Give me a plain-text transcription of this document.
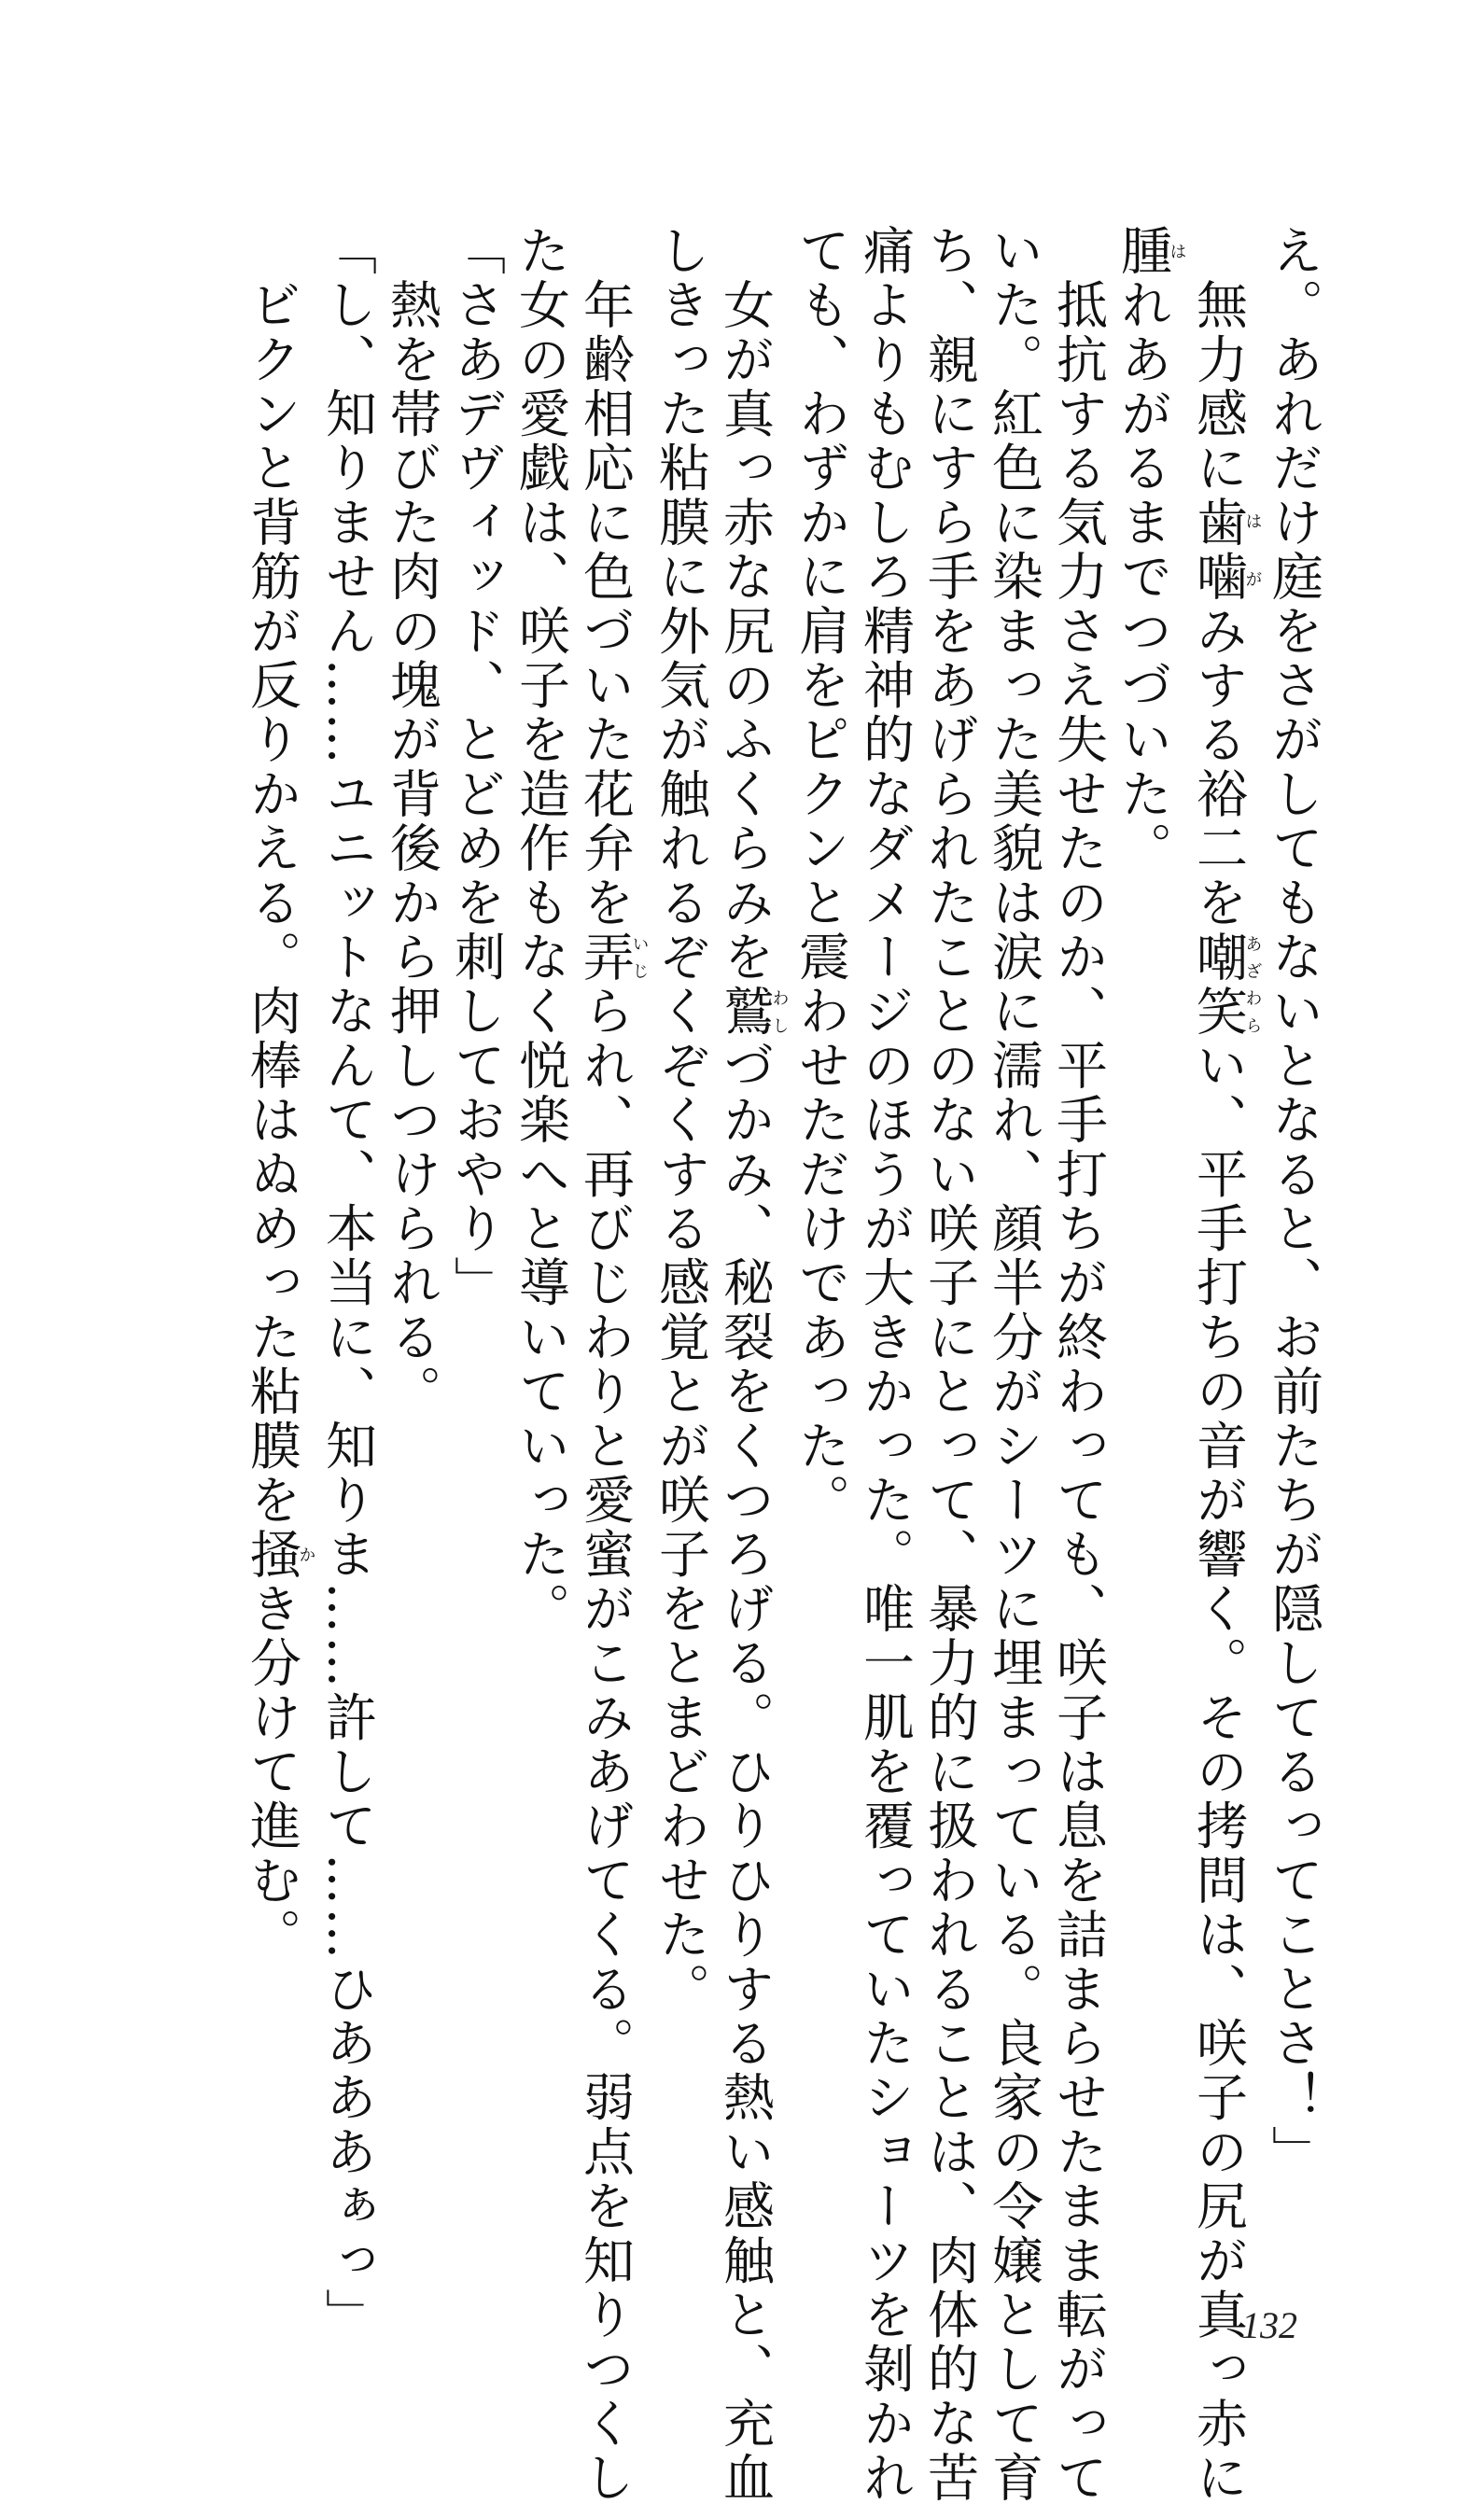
え。あれだけ庭をさがしてもないとなると、お前たちが隠してるってことさ！」
　無力感に歯噛はがみする裕二を嘲笑あざわらい、平手打ちの音が響く。その拷問は、咲子の尻が真っ赤に
腫はれあがるまでつづいた。
　抵抗する気力さえ失せたのか、平手打ちが終わっても、咲子は息を詰まらせたまま転がって
いた。紅色に染まった美貌は涙に濡れ、顔半分がシーツに埋まっている。良家の令嬢として育
ち、親にすら手をあげられたことのない咲子にとって、暴力的に扱われることは、肉体的な苦
痛よりもむしろ精神的なダメージのほうが大きかった。唯一肌を覆っていたショーツを剝かれ
ても、わずかに肩をピクンと震わせただけであった。
　女が真っ赤な尻のふくらみを鷲わしづかみ、秘裂をくつろげる。ひりひりする熱い感触と、充血
しきった粘膜に外気が触れるぞくぞくする感覚とが咲子をとまどわせた。
　年齢相応に色づいた花弁を弄いじられ、再びじわりと愛蜜がこみあげてくる。弱点を知りつくし
た女の愛戯は、咲子を造作もなく悦楽へと導いていった。
「さあデヴィッド、とどめを刺しておやり」
　熱を帯びた肉の塊が背後から押しつけられる。
「し、知りません……ユニットなんて、本当に、知りま……許して……ひあああぁっ」
　ビクンと背筋が反りかえる。肉棒はぬめった粘膜を掻かき分けて進む。
132
